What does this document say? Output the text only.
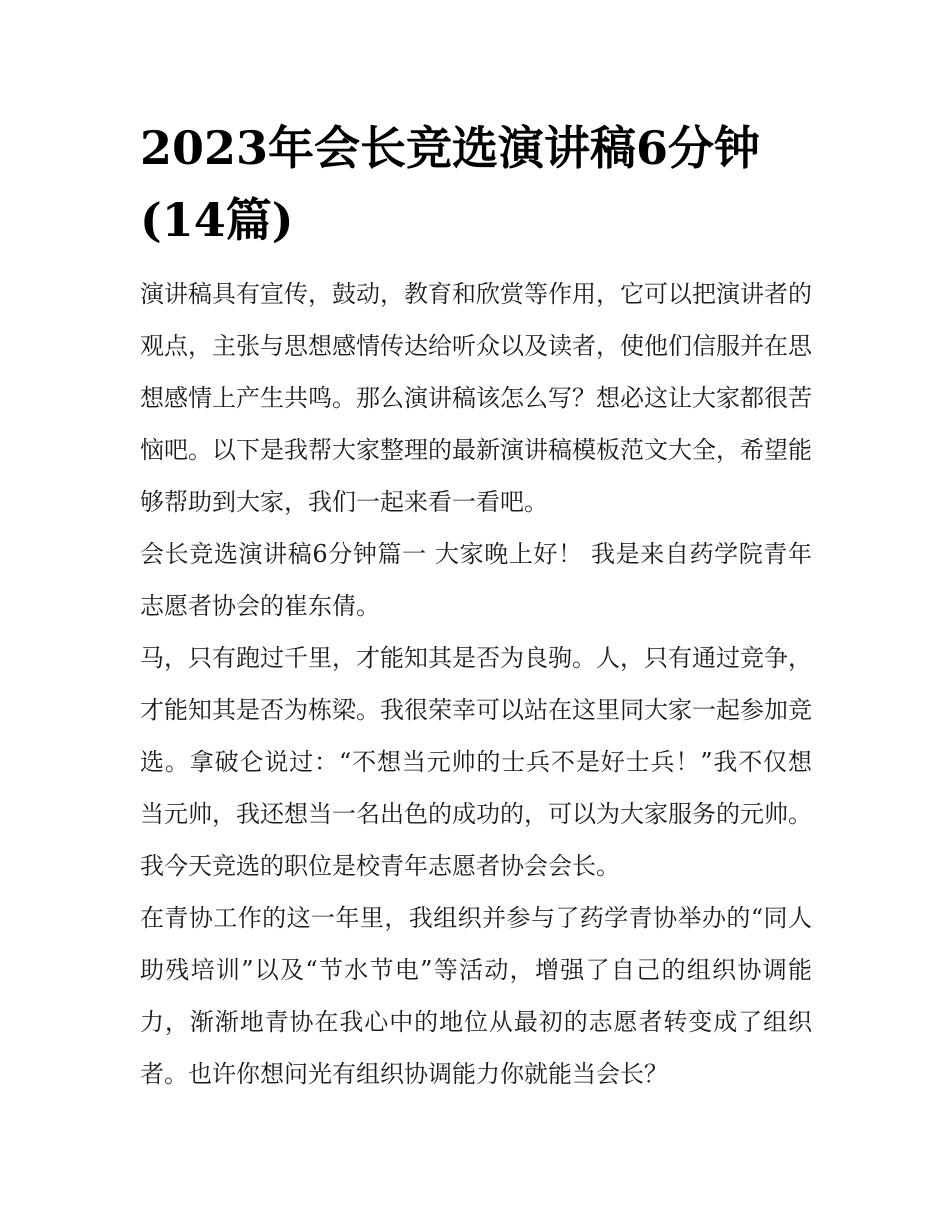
2023年会长竞选演讲稿6分钟(14篇)

演讲稿具有宣传，鼓动，教育和欣赏等作用，它可以把演讲者的观点，主张与思想感情传达给听众以及读者，使他们信服并在思想感情上产生共鸣。那么演讲稿该怎么写？想必这让大家都很苦恼吧。以下是我帮大家整理的最新演讲稿模板范文大全，希望能够帮助到大家，我们一起来看一看吧。

会长竞选演讲稿6分钟篇一 大家晚上好！ 我是来自药学院青年志愿者协会的崔东倩。

马，只有跑过千里，才能知其是否为良驹。人，只有通过竞争，才能知其是否为栋梁。我很荣幸可以站在这里同大家一起参加竞选。拿破仑说过：“不想当元帅的士兵不是好士兵！”我不仅想当元帅，我还想当一名出色的成功的，可以为大家服务的元帅。我今天竞选的职位是校青年志愿者协会会长。

在青协工作的这一年里，我组织并参与了药学青协举办的“同人助残培训”以及“节水节电”等活动，增强了自己的组织协调能力，渐渐地青协在我心中的地位从最初的志愿者转变成了组织者。也许你想问光有组织协调能力你就能当会长？
